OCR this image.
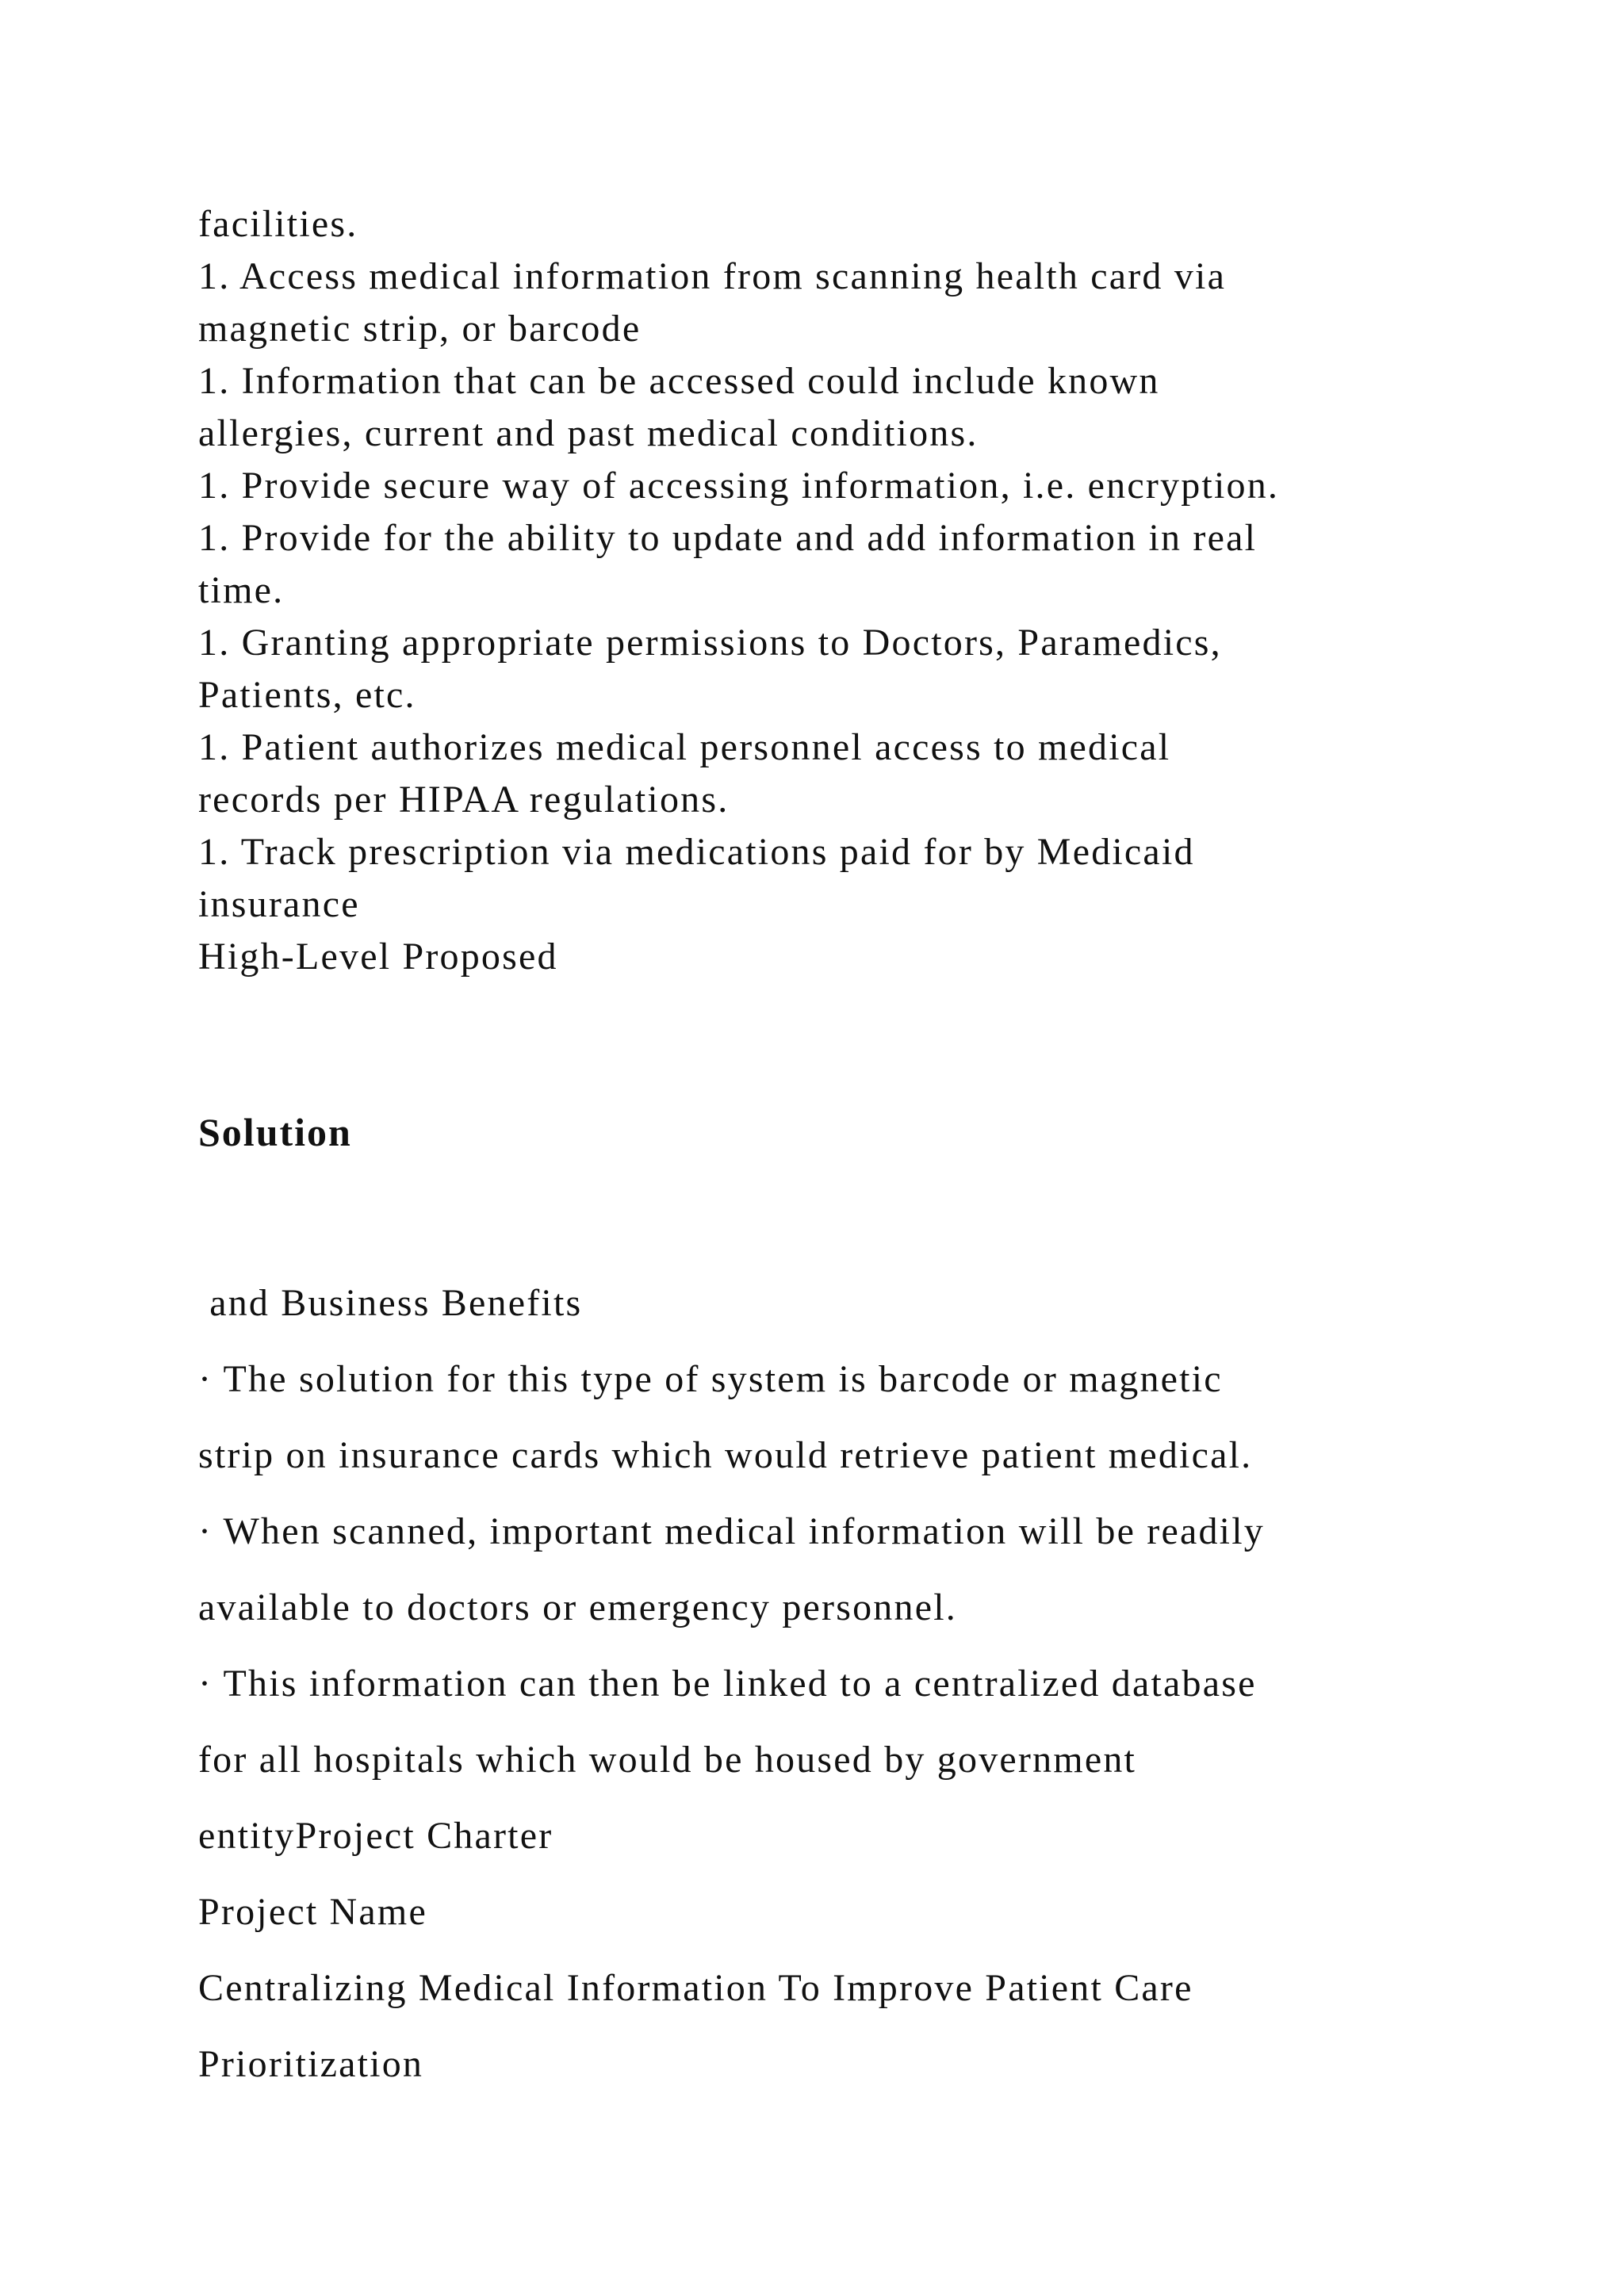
facilities.

1. Access medical information from scanning health card via

magnetic strip, or barcode

1. Information that can be accessed could include known

allergies, current and past medical conditions.

1. Provide secure way of accessing information, i.e. encryption.

1. Provide for the ability to update and add information in real

time.

1. Granting appropriate permissions to Doctors, Paramedics,

Patients, etc.

1. Patient authorizes medical personnel access to medical

records per HIPAA regulations.

1. Track prescription via medications paid for by Medicaid

insurance

High-Level Proposed

Solution

and Business Benefits

· The solution for this type of system is barcode or magnetic

strip on insurance cards which would retrieve patient medical.

· When scanned, important medical information will be readily

available to doctors or emergency personnel.

· This information can then be linked to a centralized database

for all hospitals which would be housed by government

entityProject Charter

Project Name

Centralizing Medical Information To Improve Patient Care

Prioritization
